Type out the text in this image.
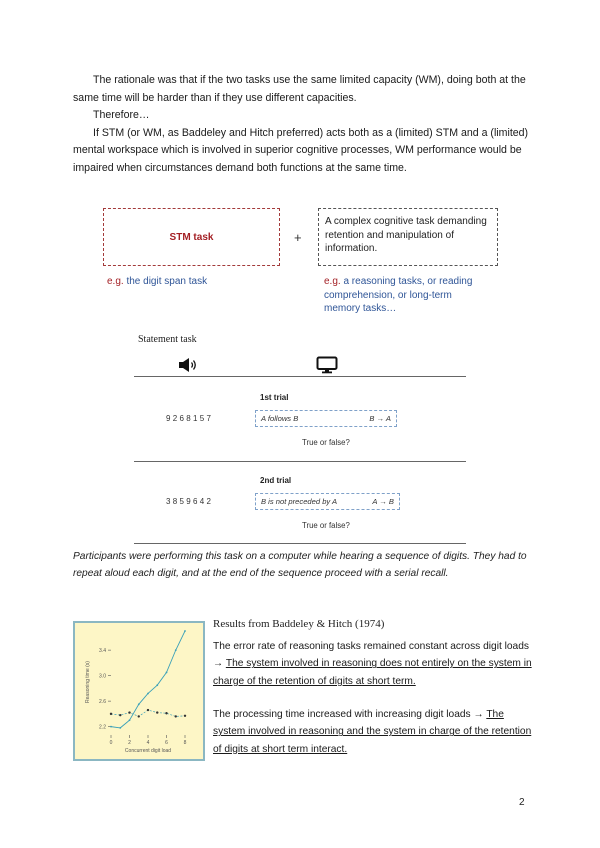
The rationale was that if the two tasks use the same limited capacity (WM), doing both at the same time will be harder than if they use different capacities.

Therefore…

If STM (or WM, as Baddeley and Hitch preferred) acts both as a (limited) STM and a (limited) mental workspace which is involved in superior cognitive processes, WM performance would be impaired when circumstances demand both functions at the same time.

STM task	+
A complex cognitive task demanding retention and manipulation of information.
e.g. the digit span task	e.g. a reasoning tasks, or reading comprehension, or long-term memory tasks…
Statement task
1st trial
9268157	A follows B	B → A
True or false?
2nd trial
3859642	B is not preceded by A	A → B
True or false?
Participants were performing this task on a computer while hearing a sequence of digits. They had to repeat aloud each digit, and at the end of the sequence proceed with a serial recall.
2.2
2.6
3.0
3.4
0	2	4	6	8
Concurrent digit load
Reasoning time (s)
Results from Baddeley & Hitch (1974)
The error rate of reasoning tasks remained constant across digit loads → The system involved in reasoning does not entirely on the system in charge of the retention of digits at short term.
The processing time increased with increasing digit loads → The system involved in reasoning and the system in charge of the retention of digits at short term interact.
2
